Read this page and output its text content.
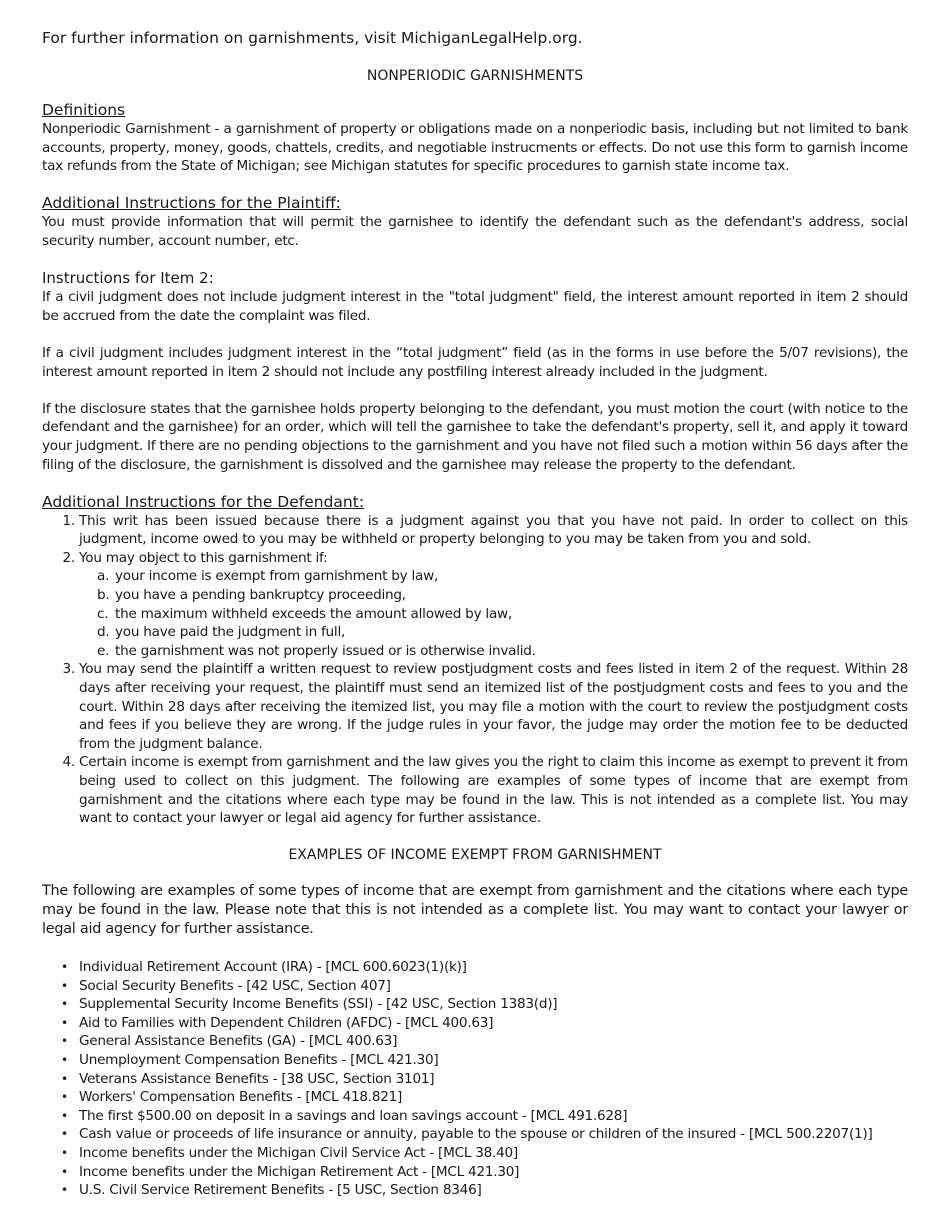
For further information on garnishments, visit MichiganLegalHelp.org.

NONPERIODIC GARNISHMENTS

Definitions

Nonperiodic Garnishment - a garnishment of property or obligations made on a nonperiodic basis, including but not limited to bank accounts, property, money, goods, chattels, credits, and negotiable instrucments or effects. Do not use this form to garnish income tax refunds from the State of Michigan; see Michigan statutes for specific procedures to garnish state income tax.

Additional Instructions for the Plaintiff:

You must provide information that will permit the garnishee to identify the defendant such as the defendant's address, social security number, account number, etc.

Instructions for Item 2:

If a civil judgment does not include judgment interest in the "total judgment" field, the interest amount reported in item 2 should be accrued from the date the complaint was filed.

If a civil judgment includes judgment interest in the “total judgment” field (as in the forms in use before the 5/07 revisions), the interest amount reported in item 2 should not include any postfiling interest already included in the judgment.

If the disclosure states that the garnishee holds property belonging to the defendant, you must motion the court (with notice to the defendant and the garnishee) for an order, which will tell the garnishee to take the defendant's property, sell it, and apply it toward your judgment. If there are no pending objections to the garnishment and you have not filed such a motion within 56 days after the filing of the disclosure, the garnishment is dissolved and the garnishee may release the property to the defendant.

Additional Instructions for the Defendant:

1. This writ has been issued because there is a judgment against you that you have not paid. In order to collect on this judgment, income owed to you may be withheld or property belonging to you may be taken from you and sold.
2. You may object to this garnishment if:
a. your income is exempt from garnishment by law,
b. you have a pending bankruptcy proceeding,
c. the maximum withheld exceeds the amount allowed by law,
d. you have paid the judgment in full,
e. the garnishment was not properly issued or is otherwise invalid.
3. You may send the plaintiff a written request to review postjudgment costs and fees listed in item 2 of the request. Within 28 days after receiving your request, the plaintiff must send an itemized list of the postjudgment costs and fees to you and the court. Within 28 days after receiving the itemized list, you may file a motion with the court to review the postjudgment costs and fees if you believe they are wrong. If the judge rules in your favor, the judge may order the motion fee to be deducted from the judgment balance.
4. Certain income is exempt from garnishment and the law gives you the right to claim this income as exempt to prevent it from being used to collect on this judgment. The following are examples of some types of income that are exempt from garnishment and the citations where each type may be found in the law. This is not intended as a complete list. You may want to contact your lawyer or legal aid agency for further assistance.

EXAMPLES OF INCOME EXEMPT FROM GARNISHMENT

The following are examples of some types of income that are exempt from garnishment and the citations where each type may be found in the law. Please note that this is not intended as a complete list. You may want to contact your lawyer or legal aid agency for further assistance.

• Individual Retirement Account (IRA) - [MCL 600.6023(1)(k)]
• Social Security Benefits - [42 USC, Section 407]
• Supplemental Security Income Benefits (SSI) - [42 USC, Section 1383(d)]
• Aid to Families with Dependent Children (AFDC) - [MCL 400.63]
• General Assistance Benefits (GA) - [MCL 400.63]
• Unemployment Compensation Benefits - [MCL 421.30]
• Veterans Assistance Benefits - [38 USC, Section 3101]
• Workers' Compensation Benefits - [MCL 418.821]
• The first $500.00 on deposit in a savings and loan savings account - [MCL 491.628]
• Cash value or proceeds of life insurance or annuity, payable to the spouse or children of the insured - [MCL 500.2207(1)]
• Income benefits under the Michigan Civil Service Act - [MCL 38.40]
• Income benefits under the Michigan Retirement Act - [MCL 421.30]
• U.S. Civil Service Retirement Benefits - [5 USC, Section 8346]
